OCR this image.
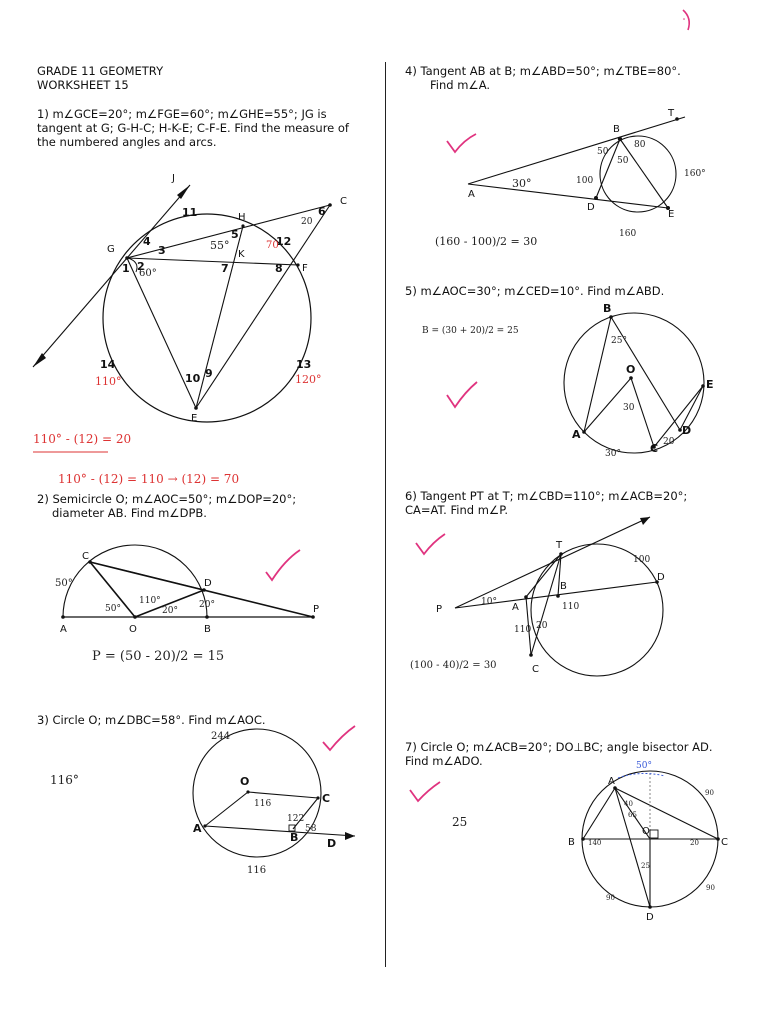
GRADE 11 GEOMETRY
WORKSHEET 15
1) m∠GCE=20°; m∠FGE=60°; m∠GHE=55°; JG is
tangent at G; G-H-C; H-K-E; C-F-E. Find the measure of
the numbered angles and arcs.
2) Semicircle O; m∠AOC=50°; m∠DOP=20°;
diameter AB. Find m∠DPB.
3) Circle O; m∠DBC=58°. Find m∠AOC.
4) Tangent AB at B; m∠ABD=50°; m∠TBE=80°.
Find m∠A.
5) m∠AOC=30°; m∠CED=10°. Find m∠ABD.
6) Tangent PT at T; m∠CBD=110°; m∠ACB=20°;
CA=AT. Find m∠P.
7) Circle O; m∠ACB=20°; DO⊥BC; angle bisector AD.
Find m∠ADO.
J
C
H
G	K
F
E
11
4
3
6
5
12
1 2	7	8
14	13
10 9
55°
60°
20
70
110°	120°
110° - (12) = 20
110° - (12) = 110 → (12) = 70
C
D
A	O	B
P
50°
50°
110°
20°
20°
P = (50 - 20)/2 = 15
O
C
A
B	D
244
116
122
58
116
116°
T
B
A
D
E
50
50
80
30°	100
160°
160
(160 - 100)/2 = 30
B
O
E
A	D
C
25°
30
20
30°
B = (30 + 20)/2 = 25
T
D
P	A
B
C
100
10°	110
110 20
(100 - 40)/2 = 30
A
B
O
C
D
50°
140
90
40
65
25
20
90
90
25
